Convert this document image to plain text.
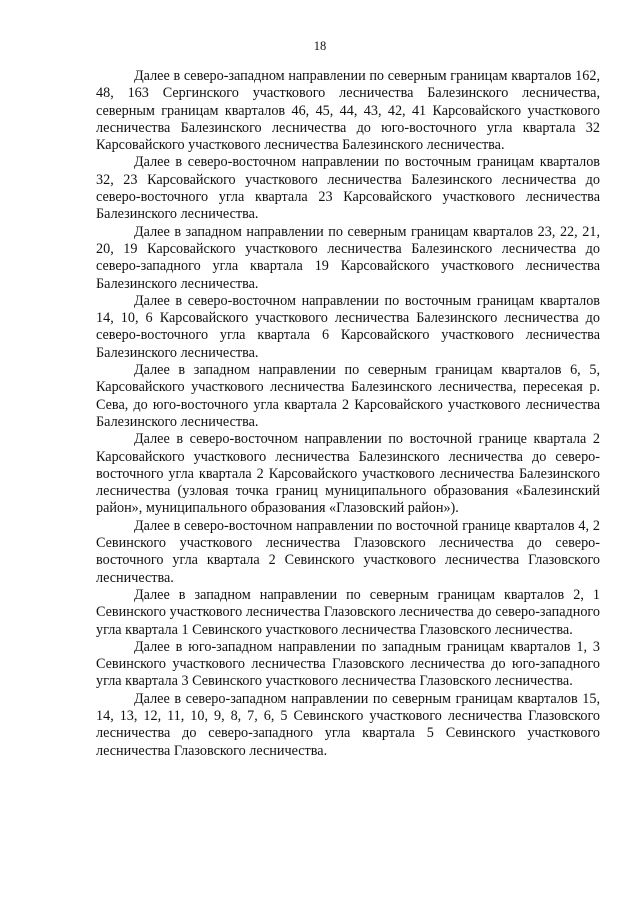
18

Далее в северо-западном направлении по северным границам кварталов 162, 48, 163 Сергинского участкового лесничества Балезинского лесничества, северным границам кварталов 46, 45, 44, 43, 42, 41 Карсовайского участкового лесничества Балезинского лесничества до юго-восточного угла квартала 32 Карсовайского участкового лесничества Балезинского лесничества.

Далее в северо-восточном направлении по восточным границам кварталов 32, 23 Карсовайского участкового лесничества Балезинского лесничества до северо-восточного угла квартала 23 Карсовайского участкового лесничества Балезинского лесничества.

Далее в западном направлении по северным границам кварталов 23, 22, 21, 20, 19 Карсовайского участкового лесничества Балезинского лесничества до северо-западного угла квартала 19 Карсовайского участкового лесничества Балезинского лесничества.

Далее в северо-восточном направлении по восточным границам кварталов 14, 10, 6 Карсовайского участкового лесничества Балезинского лесничества до северо-восточного угла квартала 6 Карсовайского участкового лесничества Балезинского лесничества.

Далее в западном направлении по северным границам кварталов 6, 5, Карсовайского участкового лесничества Балезинского лесничества, пересекая р. Сева, до юго-восточного угла квартала 2 Карсовайского участкового лесничества Балезинского лесничества.

Далее в северо-восточном направлении по восточной границе квартала 2 Карсовайского участкового лесничества Балезинского лесничества до северо-восточного угла квартала 2 Карсовайского участкового лесничества Балезинского лесничества (узловая точка границ муниципального образования «Балезинский район», муниципального образования «Глазовский район»).

Далее в северо-восточном направлении по восточной границе кварталов 4, 2 Севинского участкового лесничества Глазовского лесничества до северо-восточного угла квартала 2 Севинского участкового лесничества Глазовского лесничества.

Далее в западном направлении по северным границам кварталов 2, 1 Севинского участкового лесничества Глазовского лесничества до северо-западного угла квартала 1 Севинского участкового лесничества Глазовского лесничества.

Далее в юго-западном направлении по западным границам кварталов 1, 3 Севинского участкового лесничества Глазовского лесничества до юго-западного угла квартала 3 Севинского участкового лесничества Глазовского лесничества.

Далее в северо-западном направлении по северным границам кварталов 15, 14, 13, 12, 11, 10, 9, 8, 7, 6, 5 Севинского участкового лесничества Глазовского лесничества до северо-западного угла квартала 5 Севинского участкового лесничества Глазовского лесничества.
